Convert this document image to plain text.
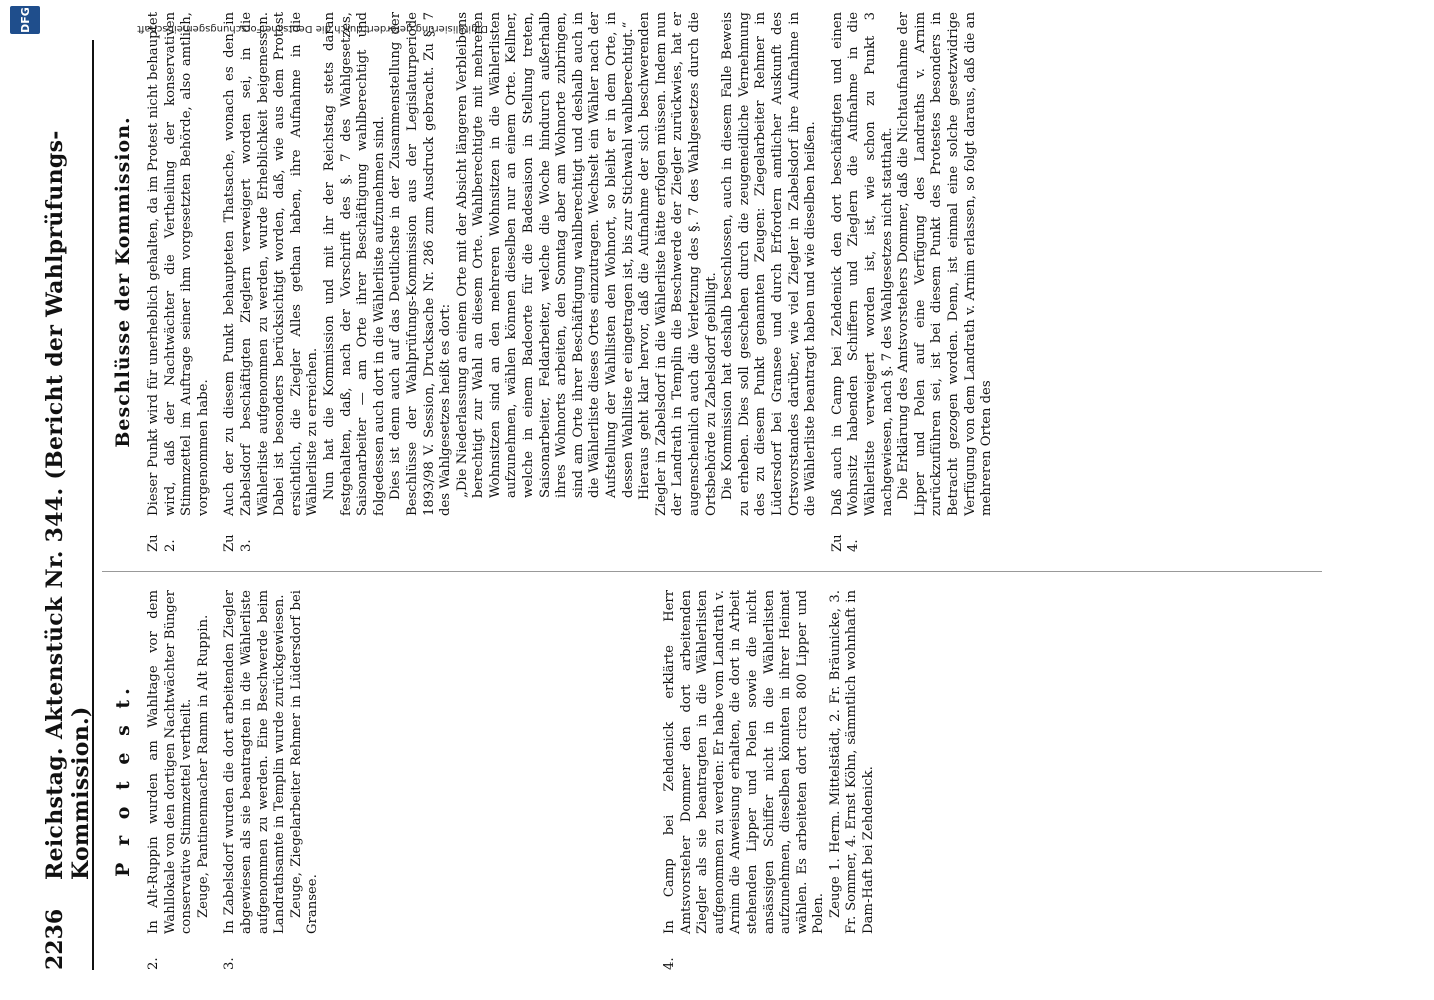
2236
Reichstag. Aktenstück Nr. 344. (Bericht der Wahlprüfungs-Kommission.) P r o t e s t.
2.

In Alt-Ruppin wurden am Wahltage vor dem Wahllokale von den dortigen Nachtwächter Bünger conservative Stimmzettel vertheilt. Zeuge, Pantinenmacher Ramm in Alt Ruppin.

3.

In Zabelsdorf wurden die dort arbeitenden Ziegler abgewiesen als sie beantragten in die Wählerliste aufgenommen zu werden. Eine Beschwerde beim Landrathsamte in Templin wurde zurückgewiesen. Zeuge, Ziegelarbeiter Rehmer in Lüdersdorf bei Gransee.

4.

In Camp bei Zehdenick erklärte Herr Amtsvorsteher Dommer den dort arbeitenden Ziegler als sie beantragten in die Wählerlisten aufgenommen zu werden: Er habe vom Landrath v. Arnim die Anweisung erhalten, die dort in Arbeit stehenden Lipper und Polen sowie die nicht ansässigen Schiffer nicht in die Wählerlisten aufzunehmen, dieselben könnten in ihrer Heimat wählen. Es arbeiteten dort circa 800 Lipper und Polen. Zeuge 1. Herm. Mittelstädt, 2. Fr. Bräunicke, 3. Fr. Sommer, 4. Ernst Köhn, sämmtlich wohnhaft in Dam-Haft bei Zehdenick.

Beschlüsse der Kommission.
Zu 2.

Dieser Punkt wird für unerheblich gehalten, da im Protest nicht behauptet wird, daß der Nachtwächter die Vertheilung der konservativen Stimmzettel im Auftrage seiner ihm vorgesetzten Behörde, also amtlich, vorgenommen habe.

Zu 3.

Auch der zu diesem Punkt behaupteten Thatsache, wonach es den in Zabelsdorf beschäftigten Zieglern verweigert worden sei, in die Wählerliste aufgenommen zu werden, wurde Erheblichkeit beigemessen. Dabei ist besonders berücksichtigt worden, daß, wie aus dem Protest ersichtlich, die Ziegler Alles gethan haben, ihre Aufnahme in die Wählerliste zu erreichen. Nun hat die Kommission und mit ihr der Reichstag stets daran festgehalten, daß, nach der Vorschrift des §. 7 des Wahlgesetzes, Saisonarbeiter — am Orte ihrer Beschäftigung wahlberechtigt und folgedessen auch dort in die Wählerliste aufzunehmen sind. Dies ist denn auch auf das Deutlichste in der Zusammenstellung der Beschlüsse der Wahlprüfungs-Kommission aus der Legislaturperiode 1893/98 V. Session, Drucksache Nr. 286 zum Ausdruck gebracht. Zu §. 7 des Wahlgesetzes heißt es dort: „Die Niederlassung an einem Orte mit der Absicht längeren Verbleibens berechtigt zur Wahl an diesem Orte. Wahlberechtigte mit mehreren Wohnsitzen sind an den mehreren Wohnsitzen in die Wählerlisten aufzunehmen, wählen können dieselben nur an einem Orte. Kellner, welche in einem Badeorte für die Badesaison in Stellung treten, Saisonarbeiter, Feldarbeiter, welche die Woche hindurch außerhalb ihres Wohnorts arbeiten, den Sonntag aber am Wohnorte zubringen, sind am Orte ihrer Beschäftigung wahlberechtigt und deshalb auch in die Wählerliste dieses Ortes einzutragen. Wechselt ein Wähler nach der Aufstellung der Wahllisten den Wohnort, so bleibt er in dem Orte, in dessen Wahlliste er eingetragen ist, bis zur Stichwahl wahlberechtigt.“ Hieraus geht klar hervor, daß die Aufnahme der sich beschwerenden Ziegler in Zabelsdorf in die Wählerliste hätte erfolgen müssen. Indem nun der Landrath in Templin die Beschwerde der Ziegler zurückwies, hat er augenscheinlich auch die Verletzung des §. 7 des Wahlgesetzes durch die Ortsbehörde zu Zabelsdorf gebilligt. Die Kommission hat deshalb beschlossen, auch in diesem Falle Beweis zu erheben. Dies soll geschehen durch die zeugeneidliche Vernehmung des zu diesem Punkt genannten Zeugen: Ziegelarbeiter Rehmer in Lüdersdorf bei Gransee und durch Erfordern amtlicher Auskunft des Ortsvorstandes darüber, wie viel Ziegler in Zabelsdorf ihre Aufnahme in die Wählerliste beantragt haben und wie dieselben heißen.

Zu 4.

Daß auch in Camp bei Zehdenick den dort beschäftigten und einen Wohnsitz habenden Schiffern und Zieglern die Aufnahme in die Wählerliste verweigert worden ist, ist, wie schon zu Punkt 3 nachgewiesen, nach §. 7 des Wahlgesetzes nicht statthaft. Die Erklärung des Amtsvorstehers Dommer, daß die Nichtaufnahme der Lipper und Polen auf eine Verfügung des Landraths v. Arnim zurückzuführen sei, ist bei diesem Punkt des Protestes besonders in Betracht gezogen worden. Denn, ist einmal eine solche gesetzwidrige Verfügung von dem Landrath v. Arnim erlassen, so folgt daraus, daß die an mehreren Orten des

DFG	Digitalisierung gefördert durch die Deutsche Forschungsgemeinschaft
